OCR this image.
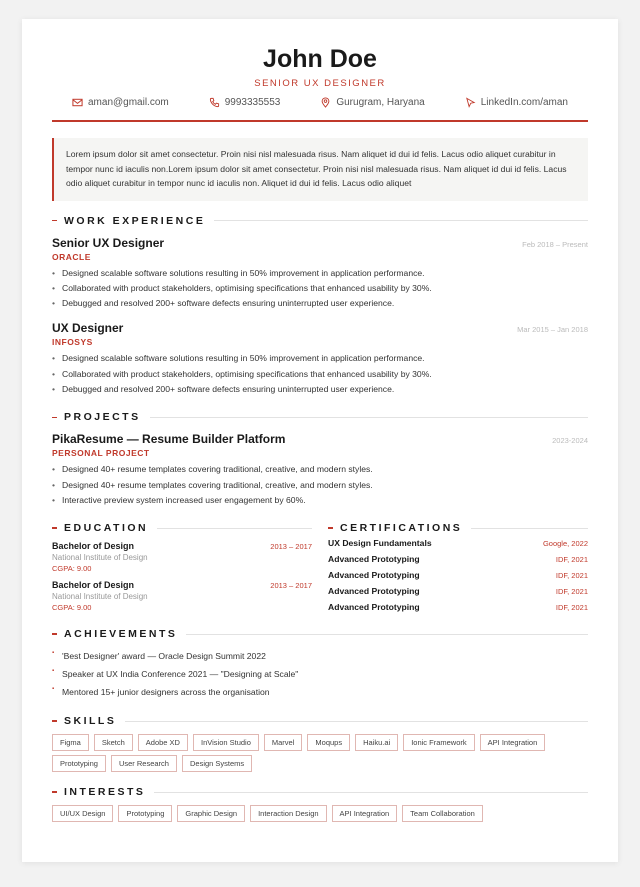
John Doe
SENIOR UX DESIGNER
aman@gmail.com	9993335553	Gurugram, Haryana	LinkedIn.com/aman
Lorem ipsum dolor sit amet consectetur. Proin nisi nisl malesuada risus. Nam aliquet id dui id felis. Lacus odio aliquet curabitur in tempor nunc id iaculis non.Lorem ipsum dolor sit amet consectetur. Proin nisi nisl malesuada risus. Nam aliquet id dui id felis. Lacus odio aliquet curabitur in tempor nunc id iaculis non. Aliquet id dui id felis. Lacus odio aliquet
WORK EXPERIENCE
Senior UX Designer	Feb 2018 – Present
ORACLE
• Designed scalable software solutions resulting in 50% improvement in application performance.
• Collaborated with product stakeholders, optimising specifications that enhanced usability by 30%.
• Debugged and resolved 200+ software defects ensuring uninterrupted user experience.
UX Designer	Mar 2015 – Jan 2018
INFOSYS
• Designed scalable software solutions resulting in 50% improvement in application performance.
• Collaborated with product stakeholders, optimising specifications that enhanced usability by 30%.
• Debugged and resolved 200+ software defects ensuring uninterrupted user experience.
PROJECTS
PikaResume — Resume Builder Platform	2023-2024
PERSONAL PROJECT
• Designed 40+ resume templates covering traditional, creative, and modern styles.
• Designed 40+ resume templates covering traditional, creative, and modern styles.
• Interactive preview system increased user engagement by 60%.
EDUCATION
Bachelor of Design	2013 – 2017
National Institute of Design
CGPA: 9.00
Bachelor of Design	2013 – 2017
National Institute of Design
CGPA: 9.00
CERTIFICATIONS
UX Design Fundamentals	Google, 2022
Advanced Prototyping	IDF, 2021
Advanced Prototyping	IDF, 2021
Advanced Prototyping	IDF, 2021
Advanced Prototyping	IDF, 2021
ACHIEVEMENTS
▪ 'Best Designer' award — Oracle Design Summit 2022
▪ Speaker at UX India Conference 2021 — "Designing at Scale"
▪ Mentored 15+ junior designers across the organisation
SKILLS
Figma	Sketch	Adobe XD	InVision Studio	Marvel	Moqups	Haiku.ai	Ionic Framework	API Integration
Prototyping	User Research	Design Systems
INTERESTS
UI/UX Design	Prototyping	Graphic Design	Interaction Design	API Integration	Team Collaboration
